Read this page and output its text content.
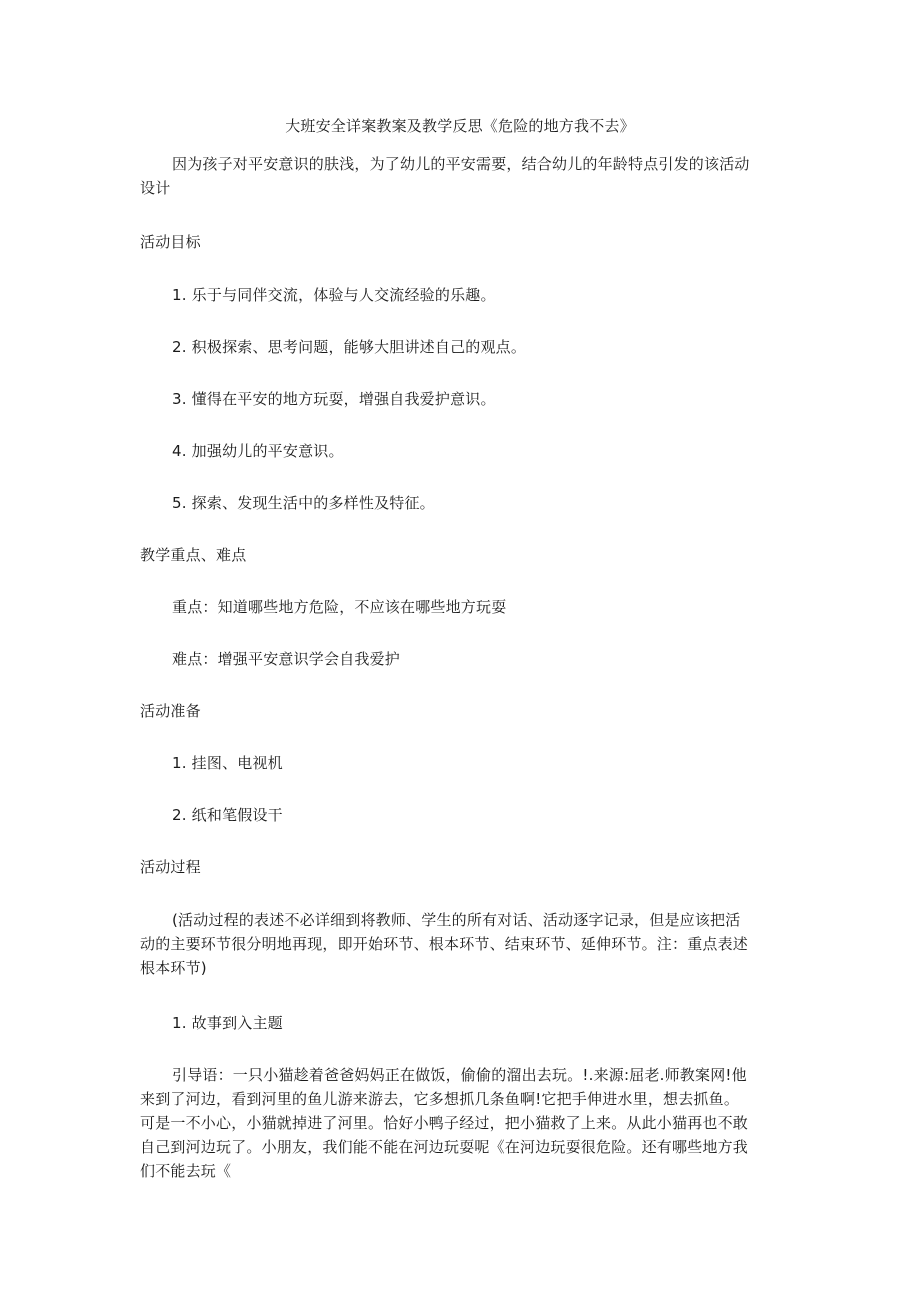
大班安全详案教案及教学反思《危险的地方我不去》
因为孩子对平安意识的肤浅，为了幼儿的平安需要，结合幼儿的年龄特点引发的该活动
设计
活动目标
1. 乐于与同伴交流，体验与人交流经验的乐趣。
2. 积极探索、思考问题，能够大胆讲述自己的观点。
3. 懂得在平安的地方玩耍，增强自我爱护意识。
4. 加强幼儿的平安意识。
5. 探索、发现生活中的多样性及特征。
教学重点、难点
重点：知道哪些地方危险，不应该在哪些地方玩耍
难点：增强平安意识学会自我爱护
活动准备
1. 挂图、电视机
2. 纸和笔假设干
活动过程
(活动过程的表述不必详细到将教师、学生的所有对话、活动逐字记录，但是应该把活
动的主要环节很分明地再现，即开始环节、根本环节、结束环节、延伸环节。注：重点表述
根本环节)
1. 故事到入主题
引导语：一只小猫趁着爸爸妈妈正在做饭，偷偷的溜出去玩。!.来源:屈老.师教案网!他
来到了河边，看到河里的鱼儿游来游去，它多想抓几条鱼啊!它把手伸进水里，想去抓鱼。
可是一不小心，小猫就掉进了河里。恰好小鸭子经过，把小猫救了上来。从此小猫再也不敢
自己到河边玩了。小朋友，我们能不能在河边玩耍呢《在河边玩耍很危险。还有哪些地方我
们不能去玩《
